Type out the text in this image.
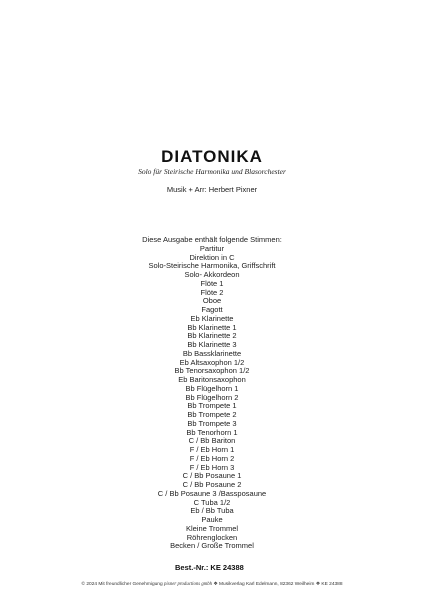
DIATONIKA
Solo für Steirische Harmonika und Blasorchester
Musik + Arr: Herbert Pixner
Diese Ausgabe enthält folgende Stimmen:
Partitur
Direktion in C
Solo-Steirische Harmonika, Griffschrift
Solo- Akkordeon
Flöte 1
Flöte 2
Oboe
Fagott
Eb Klarinette
Bb Klarinette 1
Bb Klarinette 2
Bb Klarinette 3
Bb Bassklarinette
Eb Altsaxophon 1/2
Bb Tenorsaxophon 1/2
Eb Baritonsaxophon
Bb Flügelhorn 1
Bb Flügelhorn 2
Bb Trompete 1
Bb Trompete 2
Bb Trompete 3
Bb Tenorhorn 1
C / Bb Bariton
F / Eb Horn 1
F / Eb Horn 2
F / Eb Horn 3
C / Bb Posaune 1
C / Bb Posaune 2
C / Bb Posaune 3 /Bassposaune
C Tuba 1/2
Eb / Bb Tuba
Pauke
Kleine Trommel
Röhrenglocken
Becken / Große Trommel
Best.-Nr.: KE 24388
© 2024 Mit freundlicher Genehmigung pixner productions gmbh ❖ Musikverlag Karl Edelmann, 82362 Weilheim ❖ KE 24388
